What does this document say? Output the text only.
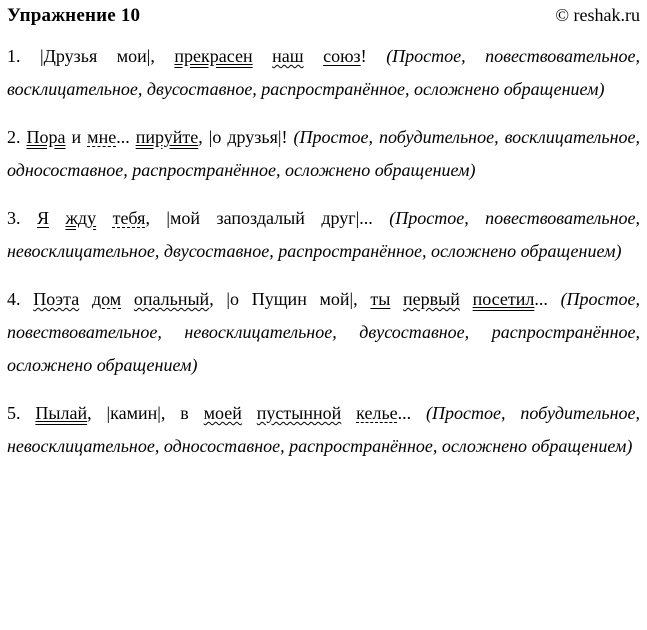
Упражнение 10	© reshak.ru

1. |Друзья мои|, прекрасен наш союз! (Простое, повествовательное, восклицательное, двусоставное, распространённое, осложнено обращением)

2. Пора и мне... пируйте, |о друзья|! (Простое, побудительное, восклицательное, односоставное, распространённое, осложнено обращением)

3. Я жду тебя, |мой запоздалый друг|... (Простое, повествовательное, невосклицательное, двусоставное, распространённое, осложнено обращением)

4. Поэта дом опальный, |о Пущин мой|, ты первый посетил... (Простое, повествовательное, невосклицательное, двусоставное, распространённое, осложнено обращением)

5. Пылай, |камин|, в моей пустынной келье... (Простое, побудительное, невосклицательное, односоставное, распространённое, осложнено обращением)
